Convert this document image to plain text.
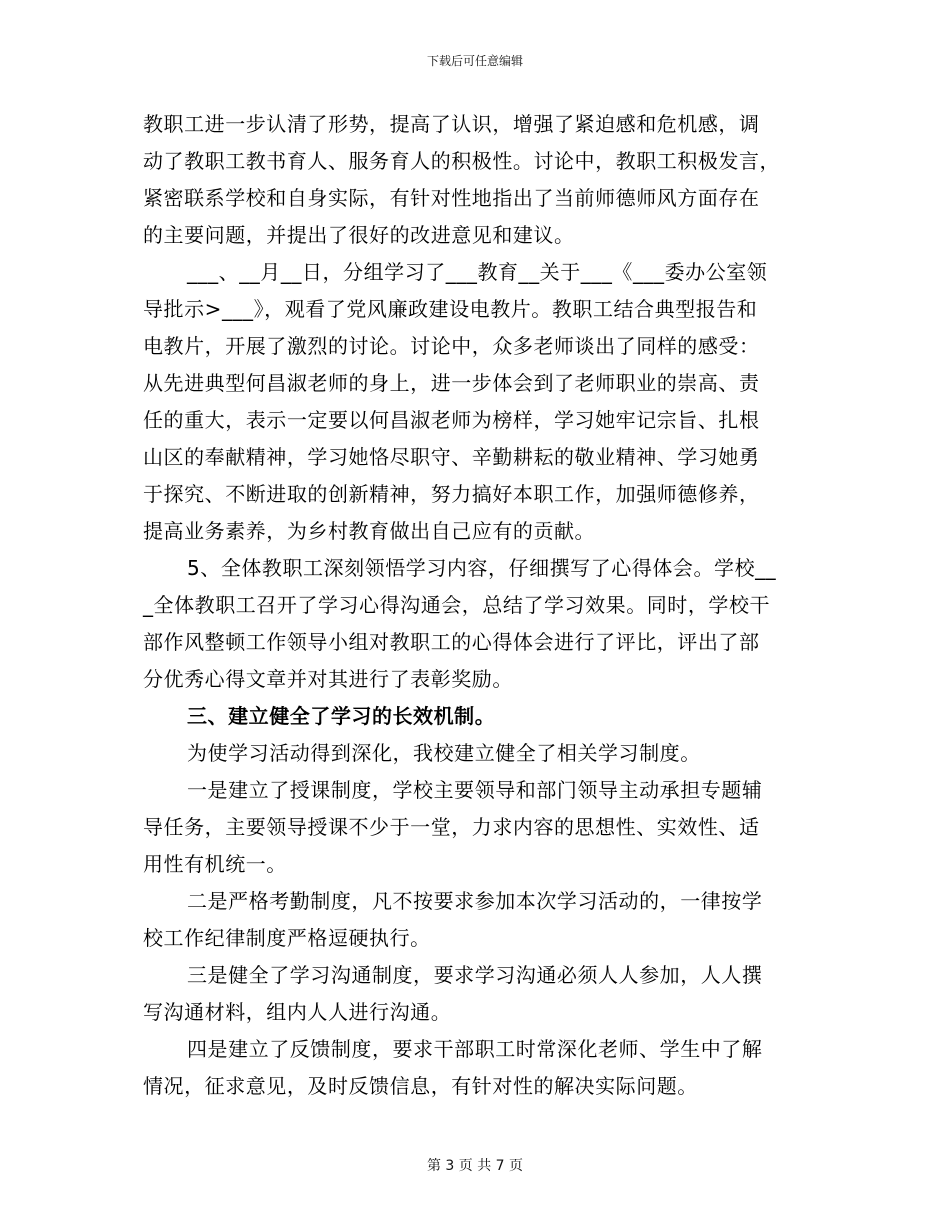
下载后可任意编辑
教职工进一步认清了形势，提高了认识，增强了紧迫感和危机感，调
动了教职工教书育人、服务育人的积极性。讨论中，教职工积极发言，
紧密联系学校和自身实际，有针对性地指出了当前师德师风方面存在
的主要问题，并提出了很好的改进意见和建议。
___、__月__日，分组学习了___教育__关于___《___委办公室领
导批示>___》，观看了党风廉政建设电教片。教职工结合典型报告和
电教片，开展了激烈的讨论。讨论中，众多老师谈出了同样的感受：
从先进典型何昌淑老师的身上，进一步体会到了老师职业的崇高、责
任的重大，表示一定要以何昌淑老师为榜样，学习她牢记宗旨、扎根
山区的奉献精神，学习她恪尽职守、辛勤耕耘的敬业精神、学习她勇
于探究、不断进取的创新精神，努力搞好本职工作，加强师德修养，
提高业务素养，为乡村教育做出自己应有的贡献。
5、全体教职工深刻领悟学习内容，仔细撰写了心得体会。学校__
_全体教职工召开了学习心得沟通会，总结了学习效果。同时，学校干
部作风整顿工作领导小组对教职工的心得体会进行了评比，评出了部
分优秀心得文章并对其进行了表彰奖励。
三、建立健全了学习的长效机制。
为使学习活动得到深化，我校建立健全了相关学习制度。
一是建立了授课制度，学校主要领导和部门领导主动承担专题辅
导任务，主要领导授课不少于一堂，力求内容的思想性、实效性、适
用性有机统一。
二是严格考勤制度，凡不按要求参加本次学习活动的，一律按学
校工作纪律制度严格逗硬执行。
三是健全了学习沟通制度，要求学习沟通必须人人参加，人人撰
写沟通材料，组内人人进行沟通。
四是建立了反馈制度，要求干部职工时常深化老师、学生中了解
情况，征求意见，及时反馈信息，有针对性的解决实际问题。
第 3 页 共 7 页
